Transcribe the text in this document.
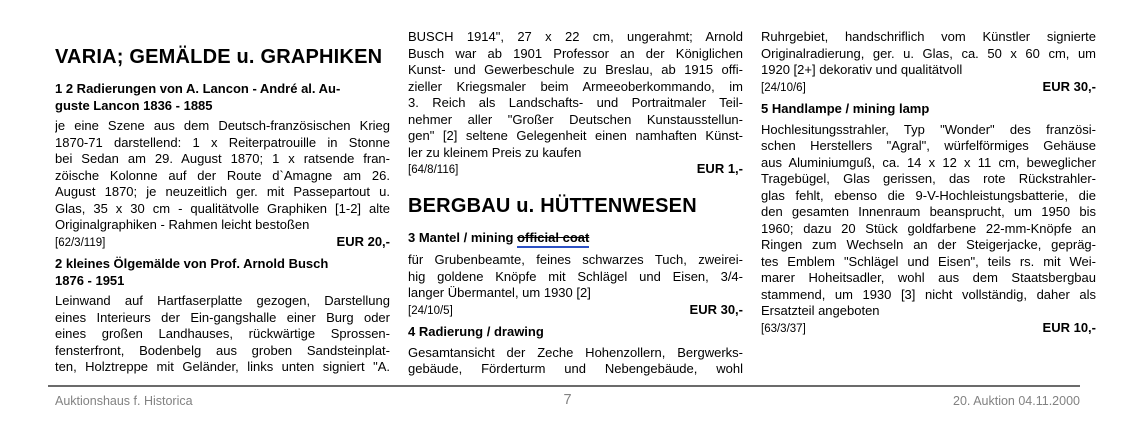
VARIA; GEMÄLDE u. GRAPHIKEN
1 2 Radierungen von A. Lancon - André al. Au-
guste Lancon 1836 - 1885
je eine Szene aus dem Deutsch-französischen Krieg
1870-71 darstellend: 1 x Reiterpatrouille in Stonne
bei Sedan am 29. August 1870; 1 x ratsende fran-
zöische Kolonne auf der Route d`Amagne am 26.
August 1870; je neuzeitlich ger. mit Passepartout u.
Glas, 35 x 30 cm - qualitätvolle Graphiken [1-2] alte
Originalgraphiken - Rahmen leicht bestoßen
[62/3/119]	EUR 20,-
2 kleines Ölgemälde von Prof. Arnold Busch
1876 - 1951
Leinwand auf Hartfaserplatte gezogen, Darstellung
eines Interieurs der Ein-gangshalle einer Burg oder
eines großen Landhauses, rückwärtige Sprossen-
fensterfront, Bodenbelg aus groben Sandsteinplat-
ten, Holztreppe mit Geländer, links unten signiert "A.
BUSCH 1914", 27 x 22 cm, ungerahmt; Arnold
Busch war ab 1901 Professor an der Königlichen
Kunst- und Gewerbeschule zu Breslau, ab 1915 offi-
zieller Kriegsmaler beim Armeeoberkommando, im
3. Reich als Landschafts- und Portraitmaler Teil-
nehmer aller "Großer Deutschen Kunstausstellun-
gen" [2] seltene Gelegenheit einen namhaften Künst-
ler zu kleinem Preis zu kaufen
[64/8/116]	EUR 1,-
BERGBAU u. HÜTTENWESEN
3 Mantel / mining official coat
für Grubenbeamte, feines schwarzes Tuch, zweirei-
hig goldene Knöpfe mit Schlägel und Eisen, 3/4-
langer Übermantel, um 1930 [2]
[24/10/5]	EUR 30,-
4 Radierung / drawing
Gesamtansicht der Zeche Hohenzollern, Bergwerks-
gebäude, Förderturm und Nebengebäude, wohl
Ruhrgebiet, handschriflich vom Künstler signierte
Originalradierung, ger. u. Glas, ca. 50 x 60 cm, um
1920 [2+] dekorativ und qualitätvoll
[24/10/6]	EUR 30,-
5 Handlampe / mining lamp
Hochlesitungsstrahler, Typ "Wonder" des französi-
schen Herstellers "Agral", würfelförmiges Gehäuse
aus Aluminiumguß, ca. 14 x 12 x 11 cm, beweglicher
Tragebügel, Glas gerissen, das rote Rückstrahler-
glas fehlt, ebenso die 9-V-Hochleistungsbatterie, die
den gesamten Innenraum beansprucht, um 1950 bis
1960; dazu 20 Stück goldfarbene 22-mm-Knöpfe an
Ringen zum Wechseln an der Steigerjacke, gepräg-
tes Emblem "Schlägel und Eisen", teils rs. mit Wei-
marer Hoheitsadler, wohl aus dem Staatsbergbau
stammend, um 1930 [3] nicht vollständig, daher als
Ersatzteil angeboten
[63/3/37]	EUR 10,-
Auktionshaus f. Historica	7	20. Auktion 04.11.2000
